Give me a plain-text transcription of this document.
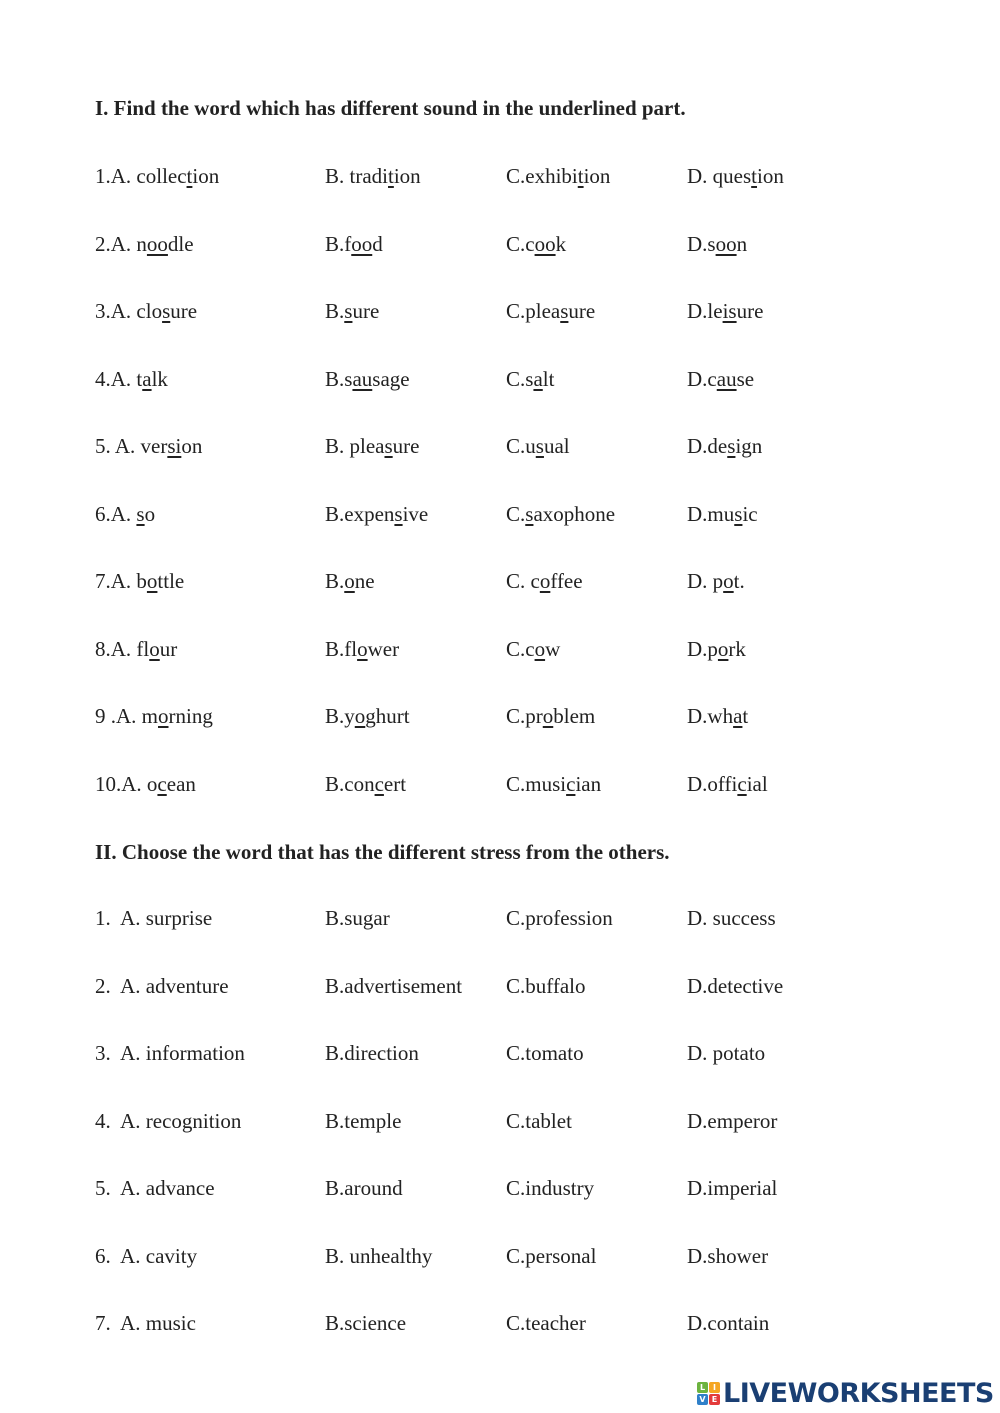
I. Find the word which has different sound in the underlined part.
1.A. collection	B. tradition	C.exhibition	D. question
2.A. noodle	B.food	C.cook	D.soon
3.A. closure	B.sure	C.pleasure	D.leisure
4.A. talk	B.sausage	C.salt	D.cause
5. A. version	B. pleasure	C.usual	D.design
6.A. so	B.expensive	C.saxophone	D.music
7.A. bottle	B.one	C. coffee	D. pot.
8.A. flour	B.flower	C.cow	D.pork
9 .A. morning	B.yoghurt	C.problem	D.what
10.A. ocean	B.concert	C.musician	D.official
II. Choose the word that has the different stress from the others.
1.  A. surprise	B.sugar	C.profession	D. success
2.  A. adventure	B.advertisement C.buffalo	D.detective
3.  A. information	B.direction	C.tomato	D. potato
4.  A. recognition	B.temple	C.tablet	D.emperor
5.  A. advance	B.around	C.industry	D.imperial
6.  A. cavity	B. unhealthy	C.personal	D.shower
7.  A. music	B.science	C.teacher	D.contain
L I
V E LIVEWORKSHEETS
